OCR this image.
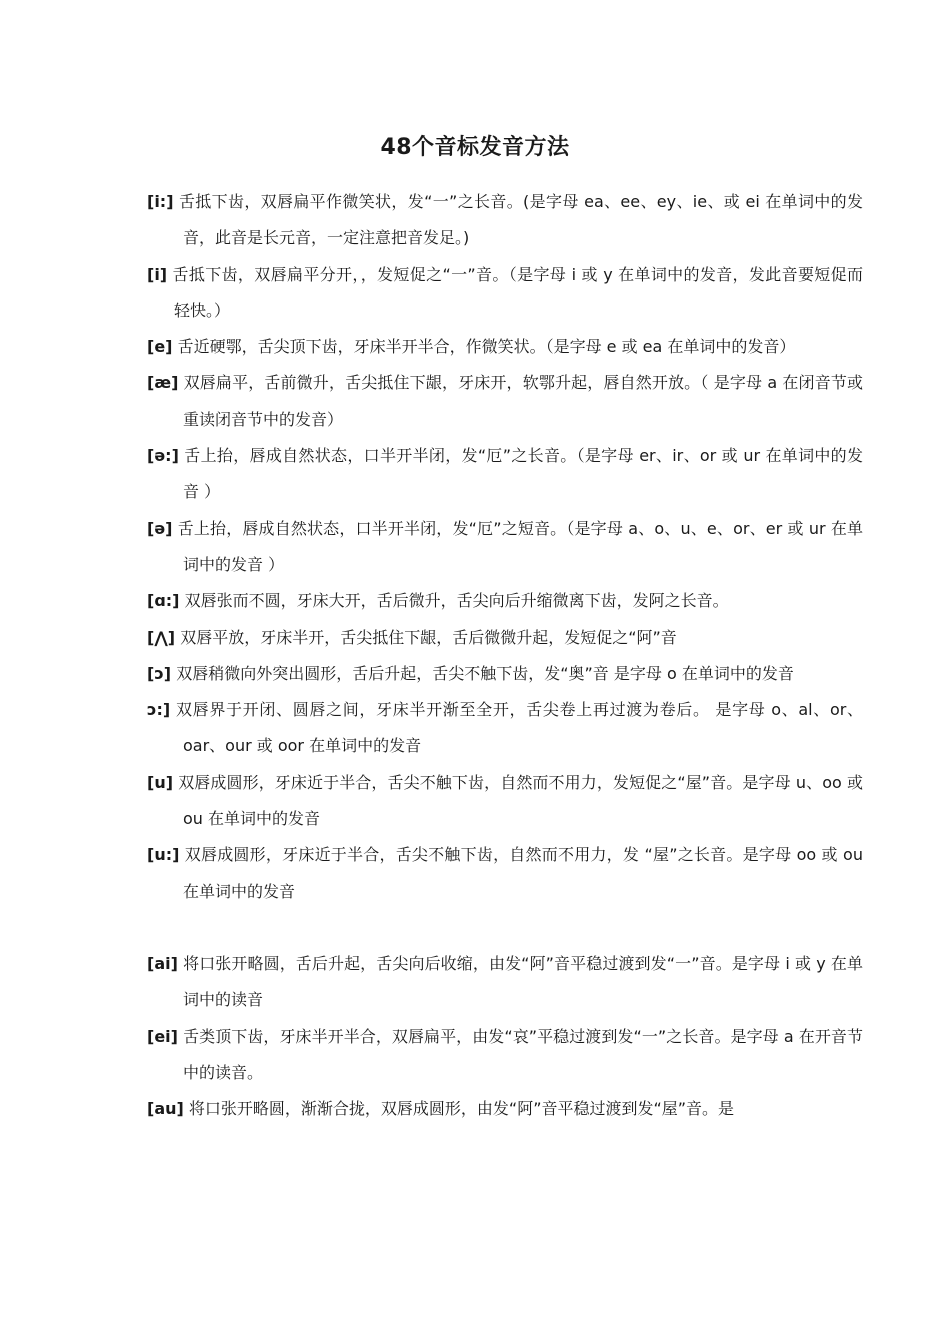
48个音标发音方法

[i:] 舌抵下齿，双唇扁平作微笑状，发“一”之长音。(是字母 ea、ee、ey、ie、或 ei 在单词中的发音，此音是长元音，一定注意把音发足。)

[i] 舌抵下齿，双唇扁平分开，，发短促之“一”音。（是字母 i 或 y 在单词中的发音，发此音要短促而轻快。）

[e] 舌近硬鄂，舌尖顶下齿，牙床半开半合，作微笑状。（是字母 e 或 ea 在单词中的发音）

[æ] 双唇扁平，舌前微升，舌尖抵住下龈，牙床开，软鄂升起，唇自然开放。（ 是字母 a 在闭音节或重读闭音节中的发音）

[ə:] 舌上抬，唇成自然状态，口半开半闭，发“厄”之长音。（是字母 er、ir、or 或 ur 在单词中的发音 ）

[ə] 舌上抬，唇成自然状态，口半开半闭，发“厄”之短音。（是字母 a、o、u、e、or、er 或 ur 在单词中的发音 ）

[ɑ:] 双唇张而不圆，牙床大开，舌后微升，舌尖向后升缩微离下齿，发阿之长音。

[⋀] 双唇平放，牙床半开，舌尖抵住下龈，舌后微微升起，发短促之“阿”音

[ɔ] 双唇稍微向外突出圆形，舌后升起，舌尖不触下齿，发“奥”音 是字母 o 在单词中的发音

ɔ:] 双唇界于开闭、圆唇之间，牙床半开渐至全开，舌尖卷上再过渡为卷后。 是字母 o、al、or、oar、our 或 oor 在单词中的发音

[u] 双唇成圆形，牙床近于半合，舌尖不触下齿，自然而不用力，发短促之“屋”音。是字母 u、oo 或 ou 在单词中的发音

[u:] 双唇成圆形，牙床近于半合，舌尖不触下齿，自然而不用力，发 “屋”之长音。是字母 oo 或 ou 在单词中的发音

[ai] 将口张开略圆，舌后升起，舌尖向后收缩，由发“阿”音平稳过渡到发“一”音。是字母 i 或 y 在单词中的读音

[ei] 舌类顶下齿，牙床半开半合，双唇扁平，由发“哀”平稳过渡到发“一”之长音。是字母 a 在开音节中的读音。

[au] 将口张开略圆，渐渐合拢，双唇成圆形，由发“阿”音平稳过渡到发“屋”音。是
